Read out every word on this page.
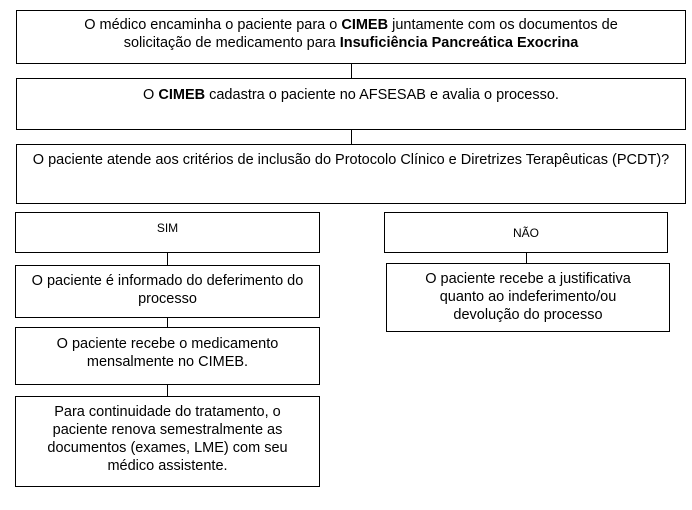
O médico encaminha o paciente para o CIMEB juntamente com os documentos de
solicitação de medicamento para Insuficiência Pancreática Exocrina
O CIMEB cadastra o paciente no AFSESAB e avalia o processo.
O paciente atende aos critérios de inclusão do Protocolo Clínico e Diretrizes Terapêuticas (PCDT)?
SIM	NÃO
O paciente é informado do deferimento do processo
O paciente recebe o medicamento mensalmente no CIMEB.
Para continuidade do tratamento, o paciente renova semestralmente as documentos (exames, LME) com seu médico assistente.
O paciente recebe a justificativa quanto ao indeferimento/ou devolução do processo
